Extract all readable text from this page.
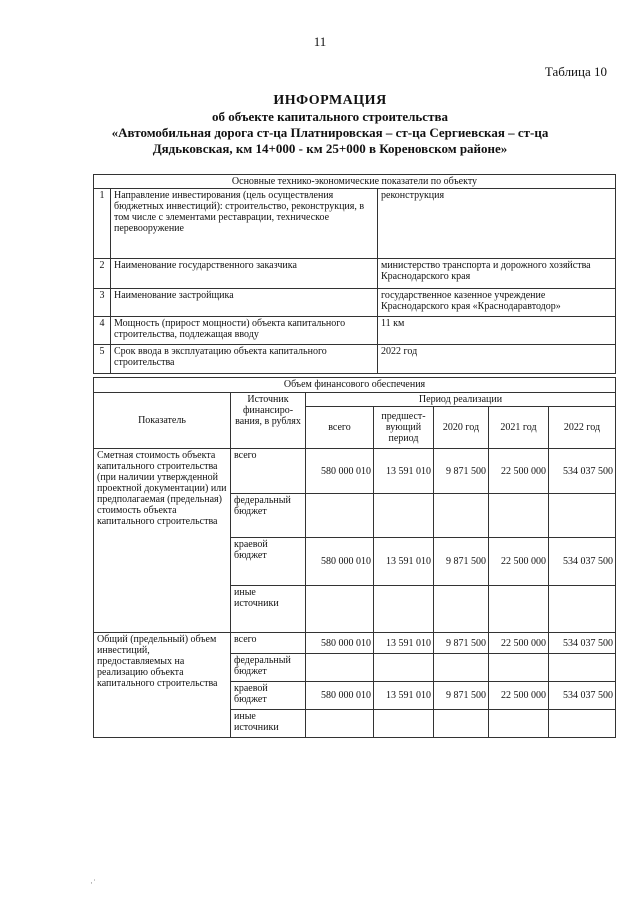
11
Таблица 10
ИНФОРМАЦИЯ
об объекте капитального строительства
«Автомобильная дорога ст-ца Платнировская – ст-ца Сергиевская – ст-ца Дядьковская, км 14+000 - км 25+000 в Кореновском районе»
Основные технико-экономические показатели по объекту		
1	Направление инвестирования (цель осуществления бюджетных инвестиций): строительство, реконструкция, в том числе с элементами реставрации, техническое перевооружение	реконструкция
2	Наименование государственного заказчика	министерство транспорта и дорожного хозяйства Краснодарского края
3	Наименование застройщика	государственное казенное учреждение Краснодарского края «Краснодаравтодор»
4	Мощность (прирост мощности) объекта капитального строительства, подлежащая вводу	11 км
5	Срок ввода в эксплуатацию объекта капитального строительства	2022 год
Объем финансового обеспечения						
Показатель	Источник финансиро-вания, в рублях	Период реализации				
		всего	предшест-вующий период	2020 год	2021 год	2022 год
Сметная стоимость объекта капитального строительства (при наличии утвержденной проектной документации) или предполагаемая (предельная) стоимость объекта капитального строительства	всего	580 000 010	13 591 010	9 871 500	22 500 000	534 037 500
	федеральный бюджет					
	краевой бюджет	580 000 010	13 591 010	9 871 500	22 500 000	534 037 500
	иные источники					
Общий (предельный) объем инвестиций, предоставляемых на реализацию объекта капитального строительства	всего	580 000 010	13 591 010	9 871 500	22 500 000	534 037 500
	федеральный бюджет					
	краевой бюджет	580 000 010	13 591 010	9 871 500	22 500 000	534 037 500
	иные источники					
·˙
